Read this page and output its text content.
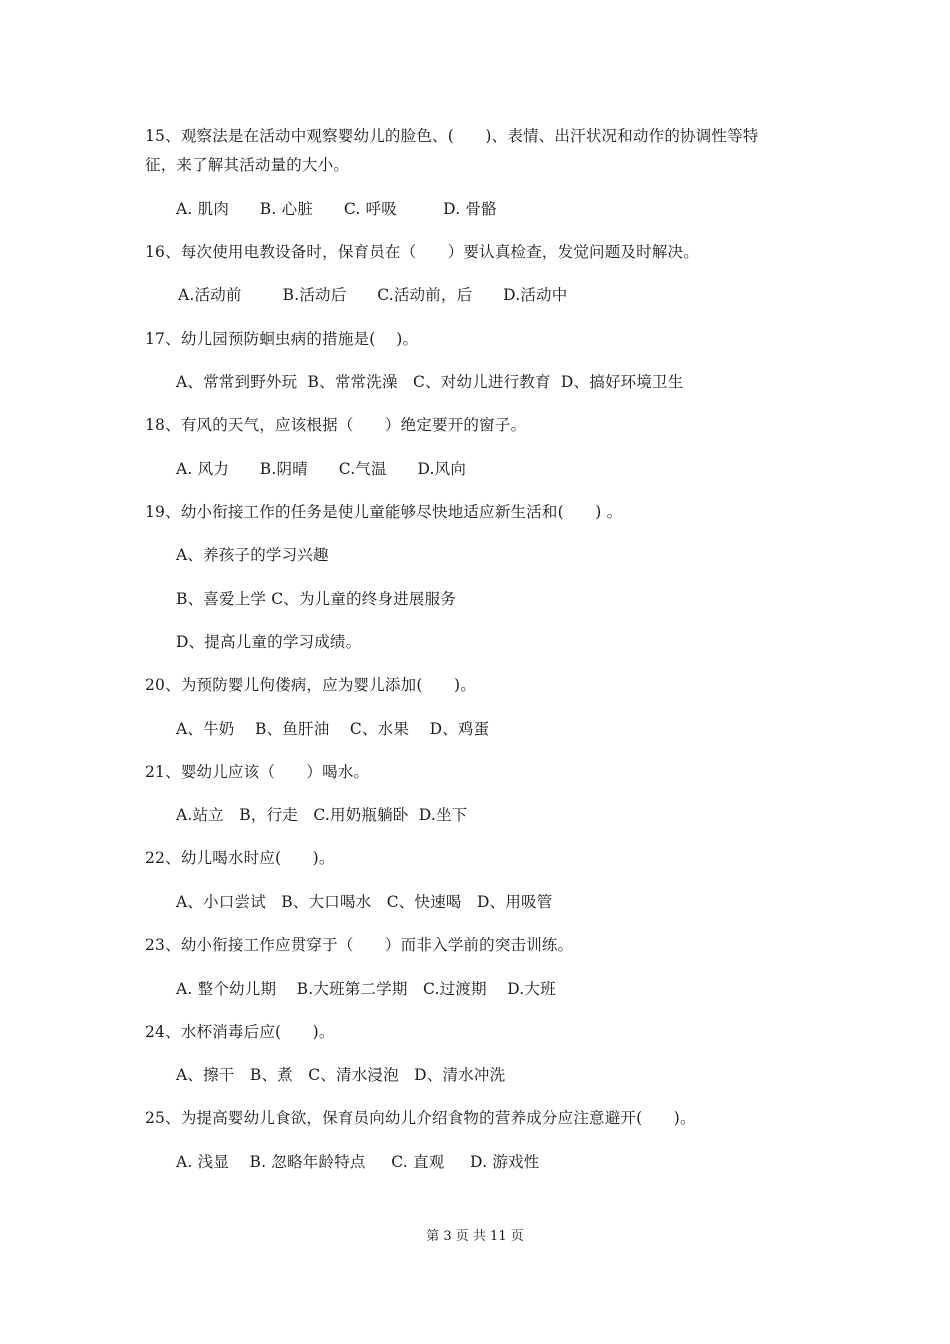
15、观察法是在活动中观察婴幼儿的脸色、(　　)、表情、出汗状况和动作的协调性等特
征，来了解其活动量的大小。
A. 肌肉      B. 心脏      C. 呼吸         D. 骨骼
16、每次使用电教设备时，保育员在（　　）要认真检查，发觉问题及时解决。
A.活动前        B.活动后      C.活动前，后      D.活动中
17、幼儿园预防蛔虫病的措施是(　 )。
A、常常到野外玩  B、常常洗澡   C、对幼儿进行教育  D、搞好环境卫生
18、有风的天气，应该根据（　　）绝定要开的窗子。
A. 风力      B.阴晴      C.气温      D.风向
19、幼小衔接工作的任务是使儿童能够尽快地适应新生活和(　　) 。
A、养孩子的学习兴趣
B、喜爱上学 C、为儿童的终身进展服务
D、提高儿童的学习成绩。
20、为预防婴儿佝偻病，应为婴儿添加(　　)。
A、牛奶    B、鱼肝油    C、水果    D、鸡蛋
21、婴幼儿应该（　　）喝水。
A.站立   B，行走   C.用奶瓶躺卧  D.坐下
22、幼儿喝水时应(　　)。
A、小口尝试   B、大口喝水   C、快速喝   D、用吸管
23、幼小衔接工作应贯穿于（　　）而非入学前的突击训练。
A. 整个幼儿期    B.大班第二学期   C.过渡期    D.大班
24、水杯消毒后应(　　)。
A、擦干   B、煮   C、清水浸泡   D、清水冲洗
25、为提高婴幼儿食欲，保育员向幼儿介绍食物的营养成分应注意避开(　　)。
A. 浅显    B. 忽略年龄特点     C. 直观     D. 游戏性
第 3 页 共 11 页
